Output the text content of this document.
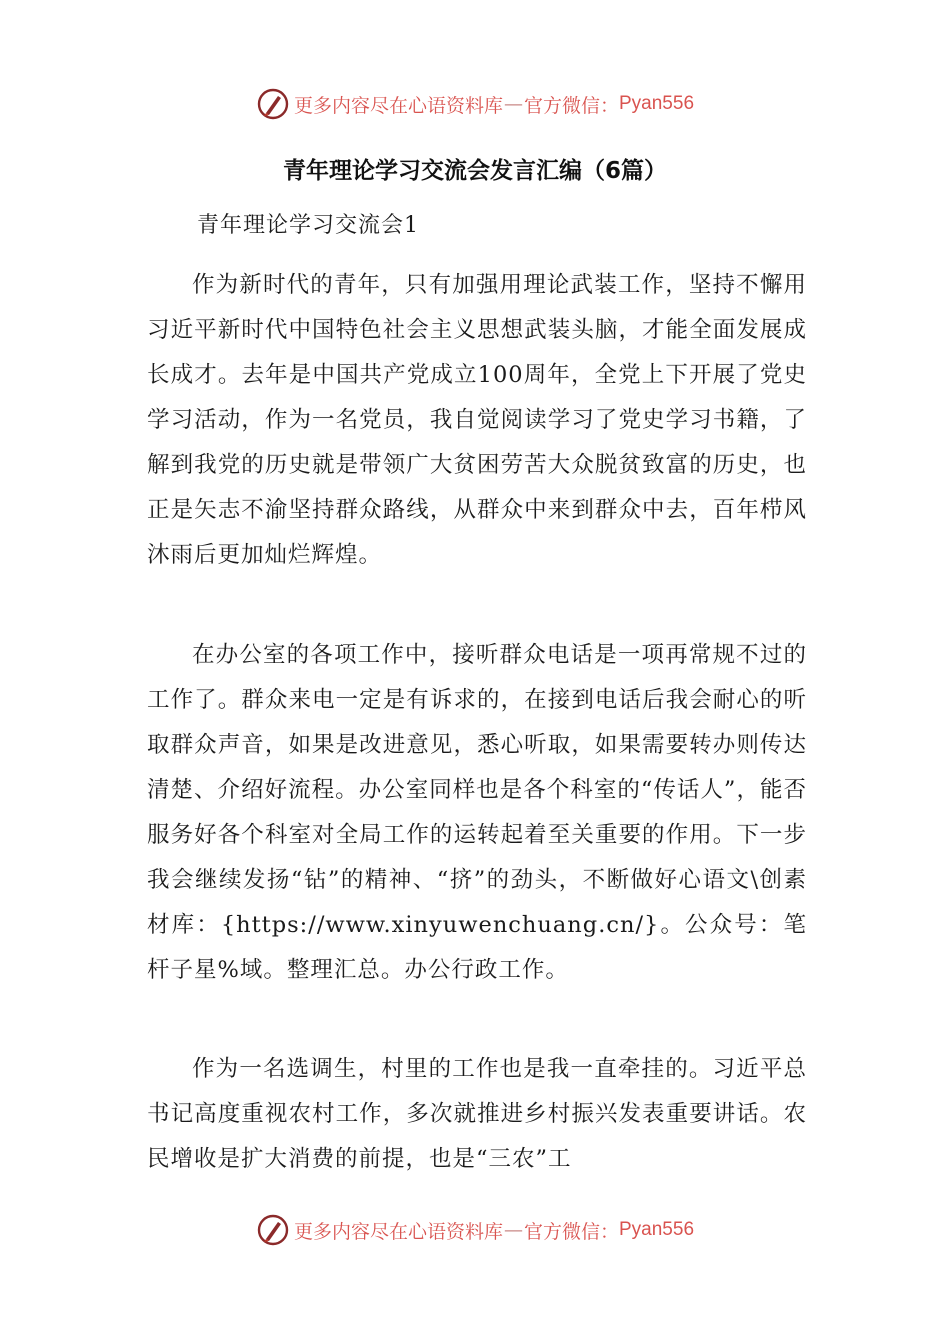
更多内容尽在心语资料库 — 官方微信： Pyan556
青年理论学习交流会发言汇编（6篇）
青年理论学习交流会1
作为新时代的青年，只有加强用理论武装工作，坚持不懈用习近平新时代中国特色社会主义思想武装头脑，才能全面发展成长成才。去年是中国共产党成立100周年，全党上下开展了党史学习活动，作为一名党员，我自觉阅读学习了党史学习书籍，了解到我党的历史就是带领广大贫困劳苦大众脱贫致富的历史，也正是矢志不渝坚持群众路线，从群众中来到群众中去，百年栉风沐雨后更加灿烂辉煌。
在办公室的各项工作中，接听群众电话是一项再常规不过的工作了。群众来电一定是有诉求的，在接到电话后我会耐心的听取群众声音，如果是改进意见，悉心听取，如果需要转办则传达清楚、介绍好流程。办公室同样也是各个科室的“传话人”，能否服务好各个科室对全局工作的运转起着至关重要的作用。下一步我会继续发扬“钻”的精神、“挤”的劲头，不断做好心语文\创素材库：{https://www.xinyuwenchuang.cn/}。公众号：笔杆子星%域。整理汇总。办公行政工作。
作为一名选调生，村里的工作也是我一直牵挂的。习近平总书记高度重视农村工作，多次就推进乡村振兴发表重要讲话。农民增收是扩大消费的前提，也是“三农”工
更多内容尽在心语资料库 — 官方微信： Pyan556
